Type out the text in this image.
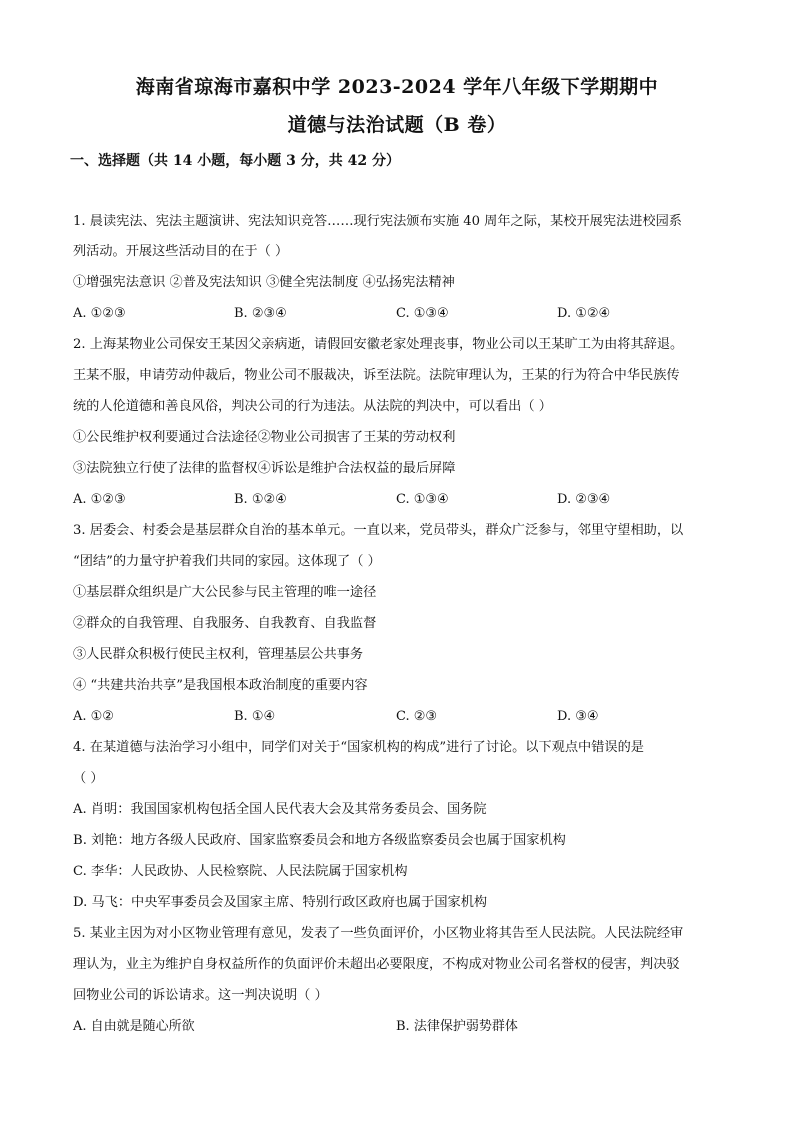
海南省琼海市嘉积中学 2023-2024 学年八年级下学期期中
道德与法治试题（B 卷）
一、选择题（共 14 小题，每小题 3 分，共 42 分）
1. 晨读宪法、宪法主题演讲、宪法知识竞答……现行宪法颁布实施 40 周年之际，某校开展宪法进校园系
列活动。开展这些活动目的在于（ ）
①增强宪法意识 ②普及宪法知识 ③健全宪法制度 ④弘扬宪法精神
A. ①②③	B. ②③④	C. ①③④	D. ①②④
2. 上海某物业公司保安王某因父亲病逝，请假回安徽老家处理丧事，物业公司以王某旷工为由将其辞退。
王某不服，申请劳动仲裁后，物业公司不服裁决，诉至法院。法院审理认为，王某的行为符合中华民族传
统的人伦道德和善良风俗，判决公司的行为违法。从法院的判决中，可以看出（ ）
①公民维护权利要通过合法途径②物业公司损害了王某的劳动权利
③法院独立行使了法律的监督权④诉讼是维护合法权益的最后屏障
A. ①②③	B. ①②④	C. ①③④	D. ②③④
3. 居委会、村委会是基层群众自治的基本单元。一直以来，党员带头，群众广泛参与，邻里守望相助，以
“团结”的力量守护着我们共同的家园。这体现了（ ）
①基层群众组织是广大公民参与民主管理的唯一途径
②群众的自我管理、自我服务、自我教育、自我监督
③人民群众积极行使民主权利，管理基层公共事务
④ “共建共治共享”是我国根本政治制度的重要内容
A. ①②	B. ①④	C. ②③	D. ③④
4. 在某道德与法治学习小组中，同学们对关于“国家机构的构成”进行了讨论。以下观点中错误的是
（ ）
A. 肖明：我国国家机构包括全国人民代表大会及其常务委员会、国务院
B. 刘艳：地方各级人民政府、国家监察委员会和地方各级监察委员会也属于国家机构
C. 李华：人民政协、人民检察院、人民法院属于国家机构
D. 马飞：中央军事委员会及国家主席、特别行政区政府也属于国家机构
5. 某业主因为对小区物业管理有意见，发表了一些负面评价，小区物业将其告至人民法院。人民法院经审
理认为，业主为维护自身权益所作的负面评价未超出必要限度，不构成对物业公司名誉权的侵害，判决驳
回物业公司的诉讼请求。这一判决说明（ ）
A. 自由就是随心所欲	B. 法律保护弱势群体
